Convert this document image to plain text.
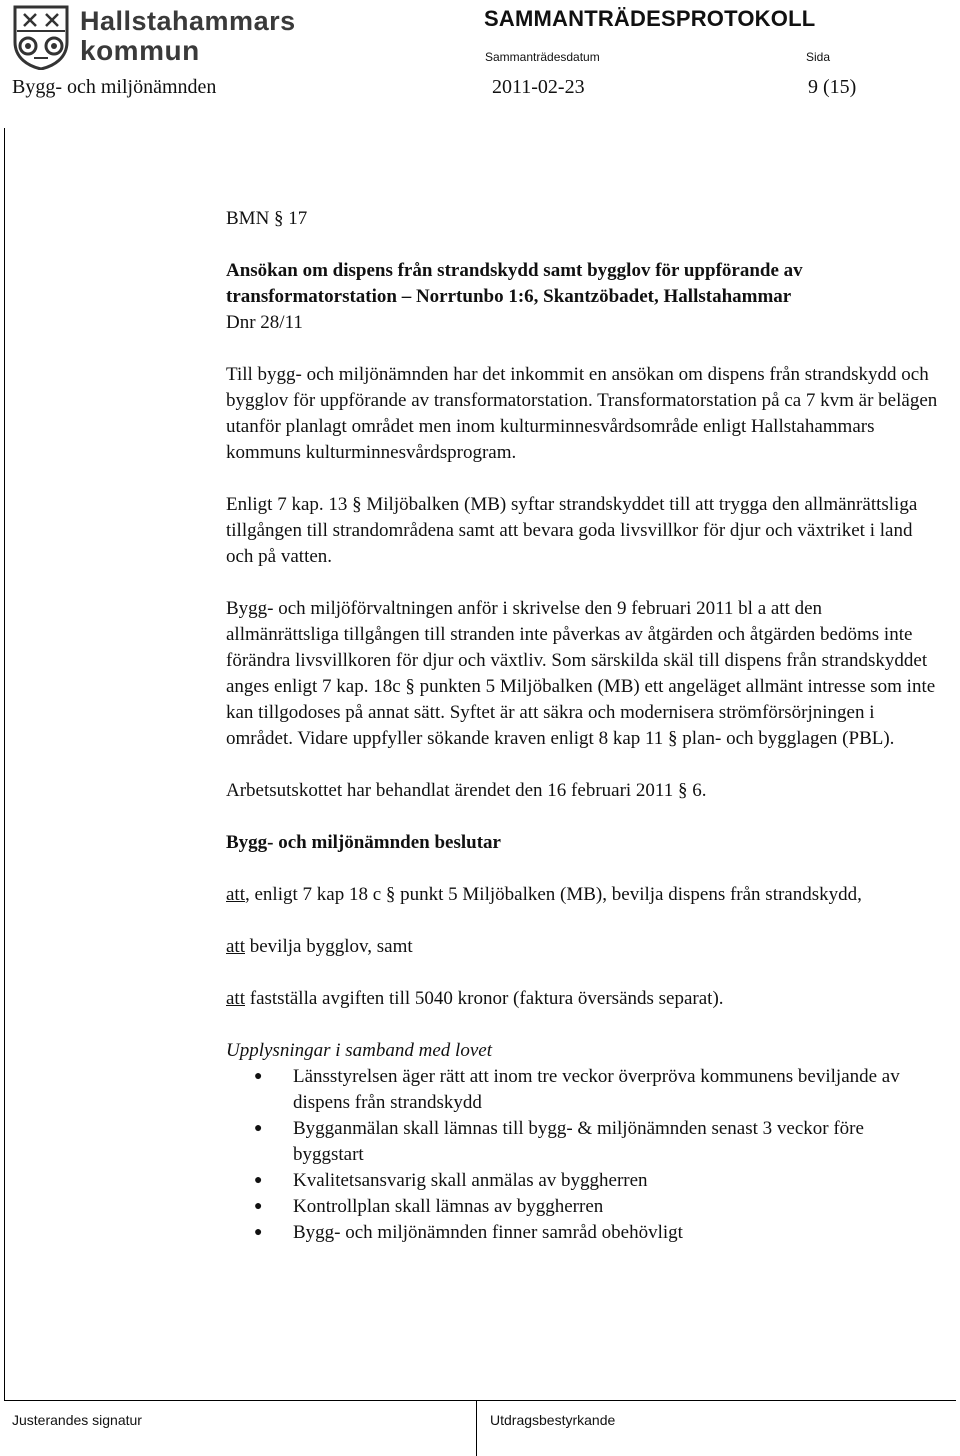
Hallstahammars
kommun
SAMMANTRÄDESPROTOKOLL
Sammanträdesdatum	Sida
Bygg- och miljönämnden	2011-02-23	9 (15)

BMN § 17

Ansökan om dispens från strandskydd samt bygglov för uppförande av
transformatorstation – Norrtunbo 1:6, Skantzöbadet, Hallstahammar

Dnr 28/11

Till bygg- och miljönämnden har det inkommit en ansökan om dispens från strandskydd och bygglov för uppförande av transformatorstation. Transformatorstation på ca 7 kvm är belägen utanför planlagt området men inom kulturminnesvårdsområde enligt Hallstahammars kommuns kulturminnesvårdsprogram.

Enligt 7 kap. 13 § Miljöbalken (MB) syftar strandskyddet till att trygga den allmänrättsliga tillgången till strandområdena samt att bevara goda livsvillkor för djur och växtriket i land och på vatten.

Bygg- och miljöförvaltningen anför i skrivelse den 9 februari 2011 bl a att den allmänrättsliga tillgången till stranden inte påverkas av åtgärden och åtgärden bedöms inte förändra livsvillkoren för djur och växtliv. Som särskilda skäl till dispens från strandskyddet anges enligt 7 kap. 18c § punkten 5 Miljöbalken (MB) ett angeläget allmänt intresse som inte kan tillgodoses på annat sätt. Syftet är att säkra och modernisera strömförsörjningen i området. Vidare uppfyller sökande kraven enligt 8 kap 11 § plan- och bygglagen (PBL).

Arbetsutskottet har behandlat ärendet den 16 februari 2011 § 6.

Bygg- och miljönämnden beslutar

att, enligt 7 kap 18 c § punkt 5 Miljöbalken (MB), bevilja dispens från strandskydd,

att bevilja bygglov, samt

att fastställa avgiften till 5040 kronor (faktura översänds separat).

Upplysningar i samband med lovet

● Länsstyrelsen äger rätt att inom tre veckor överpröva kommunens beviljande av dispens från strandskydd
● Bygganmälan skall lämnas till bygg- & miljönämnden senast 3 veckor före byggstart
● Kvalitetsansvarig skall anmälas av byggherren
● Kontrollplan skall lämnas av byggherren
● Bygg- och miljönämnden finner samråd obehövligt
Justerandes signatur	Utdragsbestyrkande
